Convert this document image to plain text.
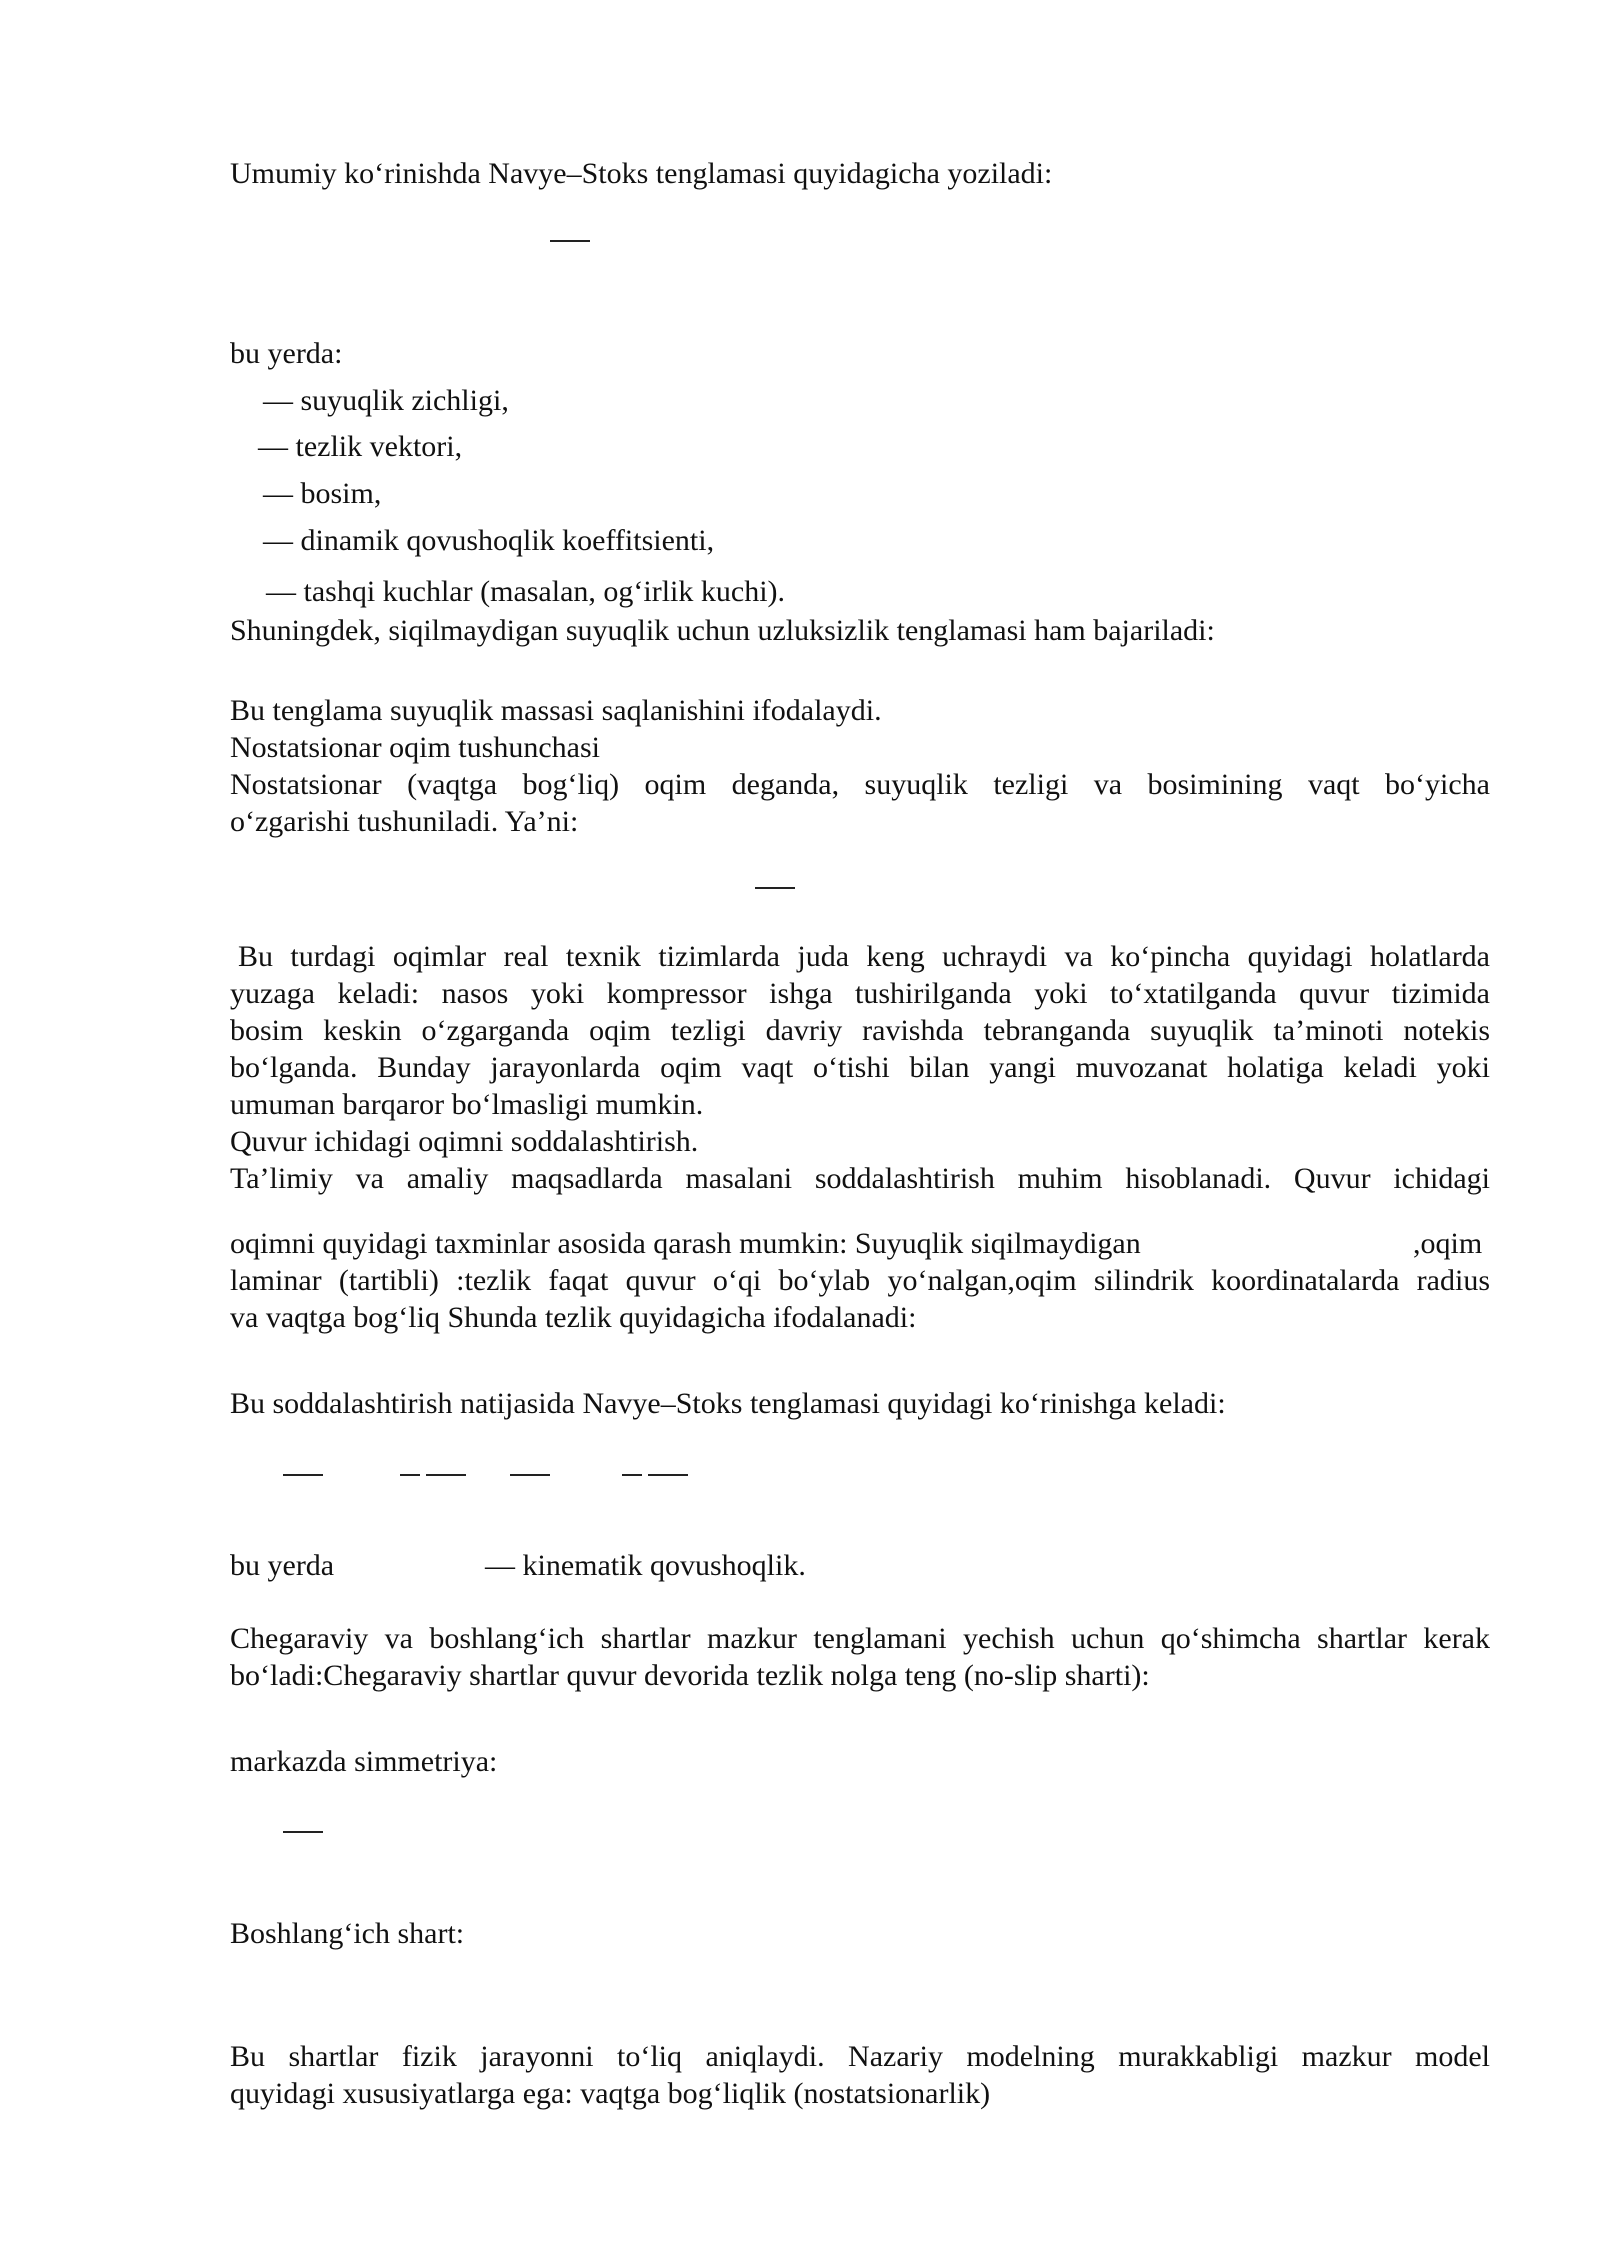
Umumiy ko‘rinishda Navye–Stoks tenglamasi quyidagicha yoziladi:
bu yerda:
— suyuqlik zichligi,
— tezlik vektori,
— bosim,
— dinamik qovushoqlik koeffitsienti,
— tashqi kuchlar (masalan, og‘irlik kuchi).
Shuningdek, siqilmaydigan suyuqlik uchun uzluksizlik tenglamasi ham bajariladi:
Bu tenglama suyuqlik massasi saqlanishini ifodalaydi.
Nostatsionar oqim tushunchasi
Nostatsionar (vaqtga bog‘liq) oqim deganda, suyuqlik tezligi va bosimining vaqt bo‘yicha
o‘zgarishi tushuniladi. Ya’ni:
Bu turdagi oqimlar real texnik tizimlarda juda keng uchraydi va ko‘pincha quyidagi holatlarda
yuzaga keladi: nasos yoki kompressor ishga tushirilganda yoki to‘xtatilganda quvur tizimida
bosim keskin o‘zgarganda oqim tezligi davriy ravishda tebranganda suyuqlik ta’minoti notekis
bo‘lganda. Bunday jarayonlarda oqim vaqt o‘tishi bilan yangi muvozanat holatiga keladi yoki
umuman barqaror bo‘lmasligi mumkin.
Quvur ichidagi oqimni soddalashtirish.
Ta’limiy va amaliy maqsadlarda masalani soddalashtirish muhim hisoblanadi. Quvur ichidagi
oqimni quyidagi taxminlar asosida qarash mumkin: Suyuqlik siqilmaydigan	,oqim
laminar (tartibli) :tezlik faqat quvur o‘qi bo‘ylab yo‘nalgan,oqim silindrik koordinatalarda radius
va vaqtga bog‘liq Shunda tezlik quyidagicha ifodalanadi:
Bu soddalashtirish natijasida Navye–Stoks tenglamasi quyidagi ko‘rinishga keladi:
bu yerda	— kinematik qovushoqlik.
Chegaraviy va boshlang‘ich shartlar mazkur tenglamani yechish uchun qo‘shimcha shartlar kerak
bo‘ladi:Chegaraviy shartlar quvur devorida tezlik nolga teng (no-slip sharti):
markazda simmetriya:
Boshlang‘ich shart:
Bu shartlar fizik jarayonni to‘liq aniqlaydi. Nazariy modelning murakkabligi mazkur model
quyidagi xususiyatlarga ega: vaqtga bog‘liqlik (nostatsionarlik)
